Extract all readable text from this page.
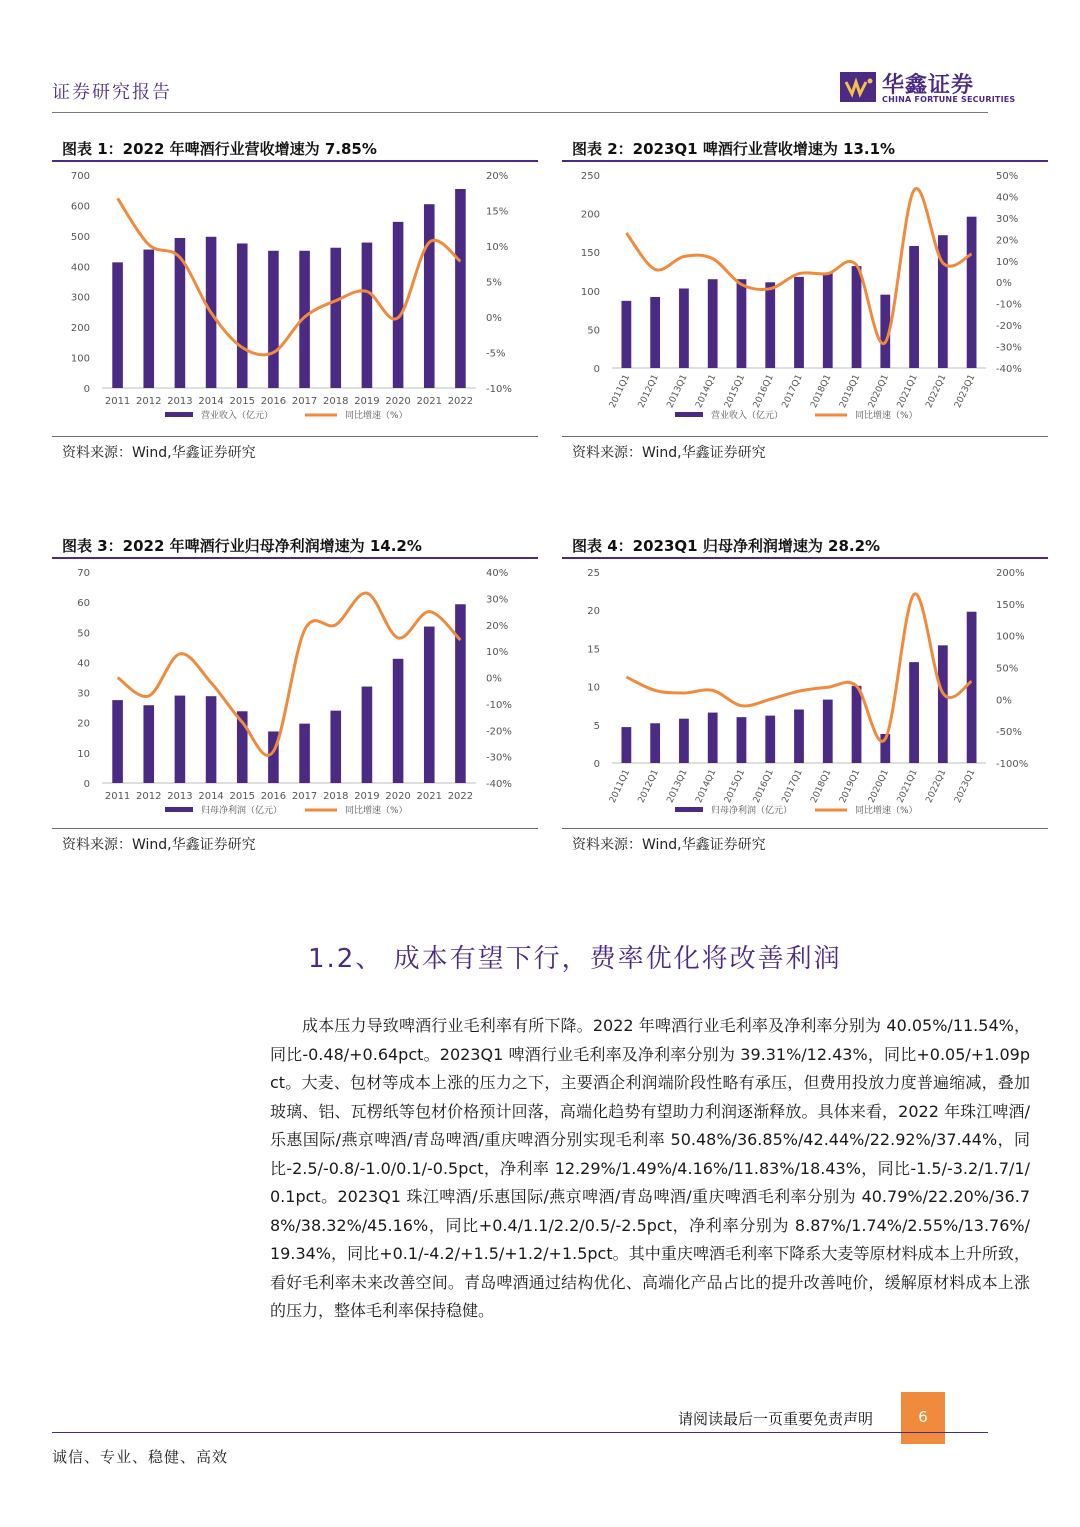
证券研究报告	华鑫证券
CHINA FORTUNE SECURITIES
图表 1：2022 年啤酒行业营收增速为 7.85%
0
100
200
300
400
500
600
700
-10%
-5%
0%
5%
10%
15%
20%
2011 2012 2013 2014 2015 2016 2017 2018 2019 2020 2021 2022
营业收入（亿元）	同比增速（%）
资料来源：Wind,华鑫证券研究
图表 2：2023Q1 啤酒行业营收增速为 13.1%
0
50
100
150
200
250
-40%
-30%
-20%
-10%
0%
10%
20%
30%
40%
50%
2011Q1 2012Q1 2013Q1 2014Q1 2015Q1 2016Q1 2017Q1 2018Q1 2019Q1 2020Q1 2021Q1 2022Q1 2023Q1
营业收入（亿元）	同比增速（%）
资料来源：Wind,华鑫证券研究
图表 3：2022 年啤酒行业归母净利润增速为 14.2%
0
10
20
30
40
50
60
70
-40%
-30%
-20%
-10%
0%
10%
20%
30%
40%
2011 2012 2013 2014 2015 2016 2017 2018 2019 2020 2021 2022
归母净利润（亿元）	同比增速（%）
资料来源：Wind,华鑫证券研究
图表 4：2023Q1 归母净利润增速为 28.2%
0
5
10
15
20
25
-100%
-50%
0%
50%
100%
150%
200%
2011Q1 2012Q1 2013Q1 2014Q1 2015Q1 2016Q1 2017Q1 2018Q1 2019Q1 2020Q1 2021Q1 2022Q1 2023Q1
归母净利润（亿元）	同比增速（%）
资料来源：Wind,华鑫证券研究
1.2、 成本有望下行，费率优化将改善利润

成本压力导致啤酒行业毛利率有所下降。2022 年啤酒行业毛利率及净利率分别为 40.05%/11.54%，同比-0.48/+0.64pct。2023Q1 啤酒行业毛利率及净利率分别为 39.31%/12.43%，同比+0.05/+1.09pct。大麦、包材等成本上涨的压力之下，主要酒企利润端阶段性略有承压，但费用投放力度普遍缩减，叠加玻璃、铝、瓦楞纸等包材价格预计回落，高端化趋势有望助力利润逐渐释放。具体来看，2022 年珠江啤酒/乐惠国际/燕京啤酒/青岛啤酒/重庆啤酒分别实现毛利率 50.48%/36.85%/42.44%/22.92%/37.44%，同比-2.5/-0.8/-1.0/0.1/-0.5pct，净利率 12.29%/1.49%/4.16%/11.83%/18.43%，同比-1.5/-3.2/1.7/1/0.1pct。2023Q1 珠江啤酒/乐惠国际/燕京啤酒/青岛啤酒/重庆啤酒毛利率分别为 40.79%/22.20%/36.78%/38.32%/45.16%，同比+0.4/1.1/2.2/0.5/-2.5pct，净利率分别为 8.87%/1.74%/2.55%/13.76%/19.34%，同比+0.1/-4.2/+1.5/+1.2/+1.5pct。其中重庆啤酒毛利率下降系大麦等原材料成本上升所致，看好毛利率未来改善空间。青岛啤酒通过结构优化、高端化产品占比的提升改善吨价，缓解原材料成本上涨的压力，整体毛利率保持稳健。

请阅读最后一页重要免责声明	6
诚信、专业、稳健、高效
